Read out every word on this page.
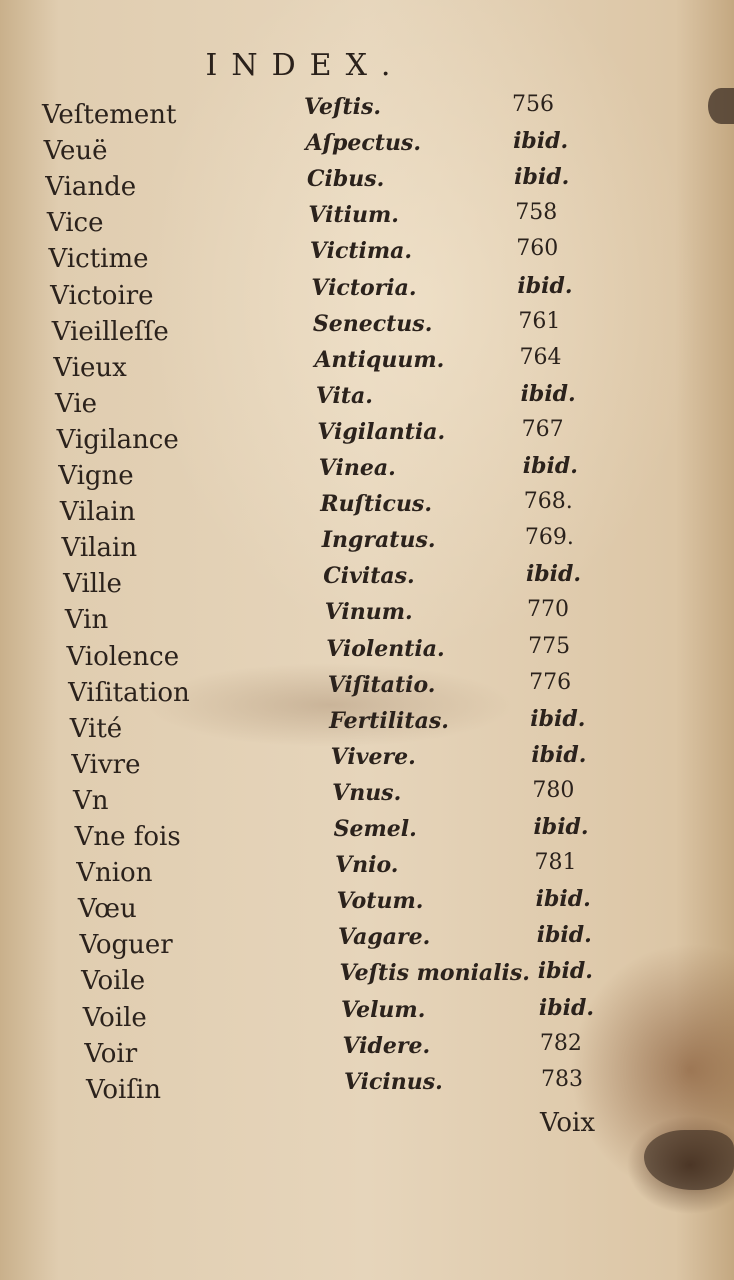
INDEX.
Veſtement	Veſtis.	756
Veuë	Aſpectus.	ibid.
Viande	Cibus.	ibid.
Vice	Vitium.	758
Victime	Victima.	760
Victoire	Victoria.	ibid.
Vieilleſſe	Senectus.	761
Vieux	Antiquum.	764
Vie	Vita.	ibid.
Vigilance	Vigilantia.	767
Vigne	Vinea.	ibid.
Vilain	Ruſticus.	768.
Vilain	Ingratus.	769.
Ville	Civitas.	ibid.
Vin	Vinum.	770
Violence	Violentia.	775
Viſitation	Viſitatio.	776
Vité	Fertilitas.	ibid.
Vivre	Vivere.	ibid.
Vn	Vnus.	780
Vne fois	Semel.	ibid.
Vnion	Vnio.	781
Vœu	Votum.	ibid.
Voguer	Vagare.	ibid.
Voile	Veſtis monialis. ibid.
Voile	Velum.	ibid.
Voir	Videre.	782
Voiſin	Vicinus.	783
Voix
